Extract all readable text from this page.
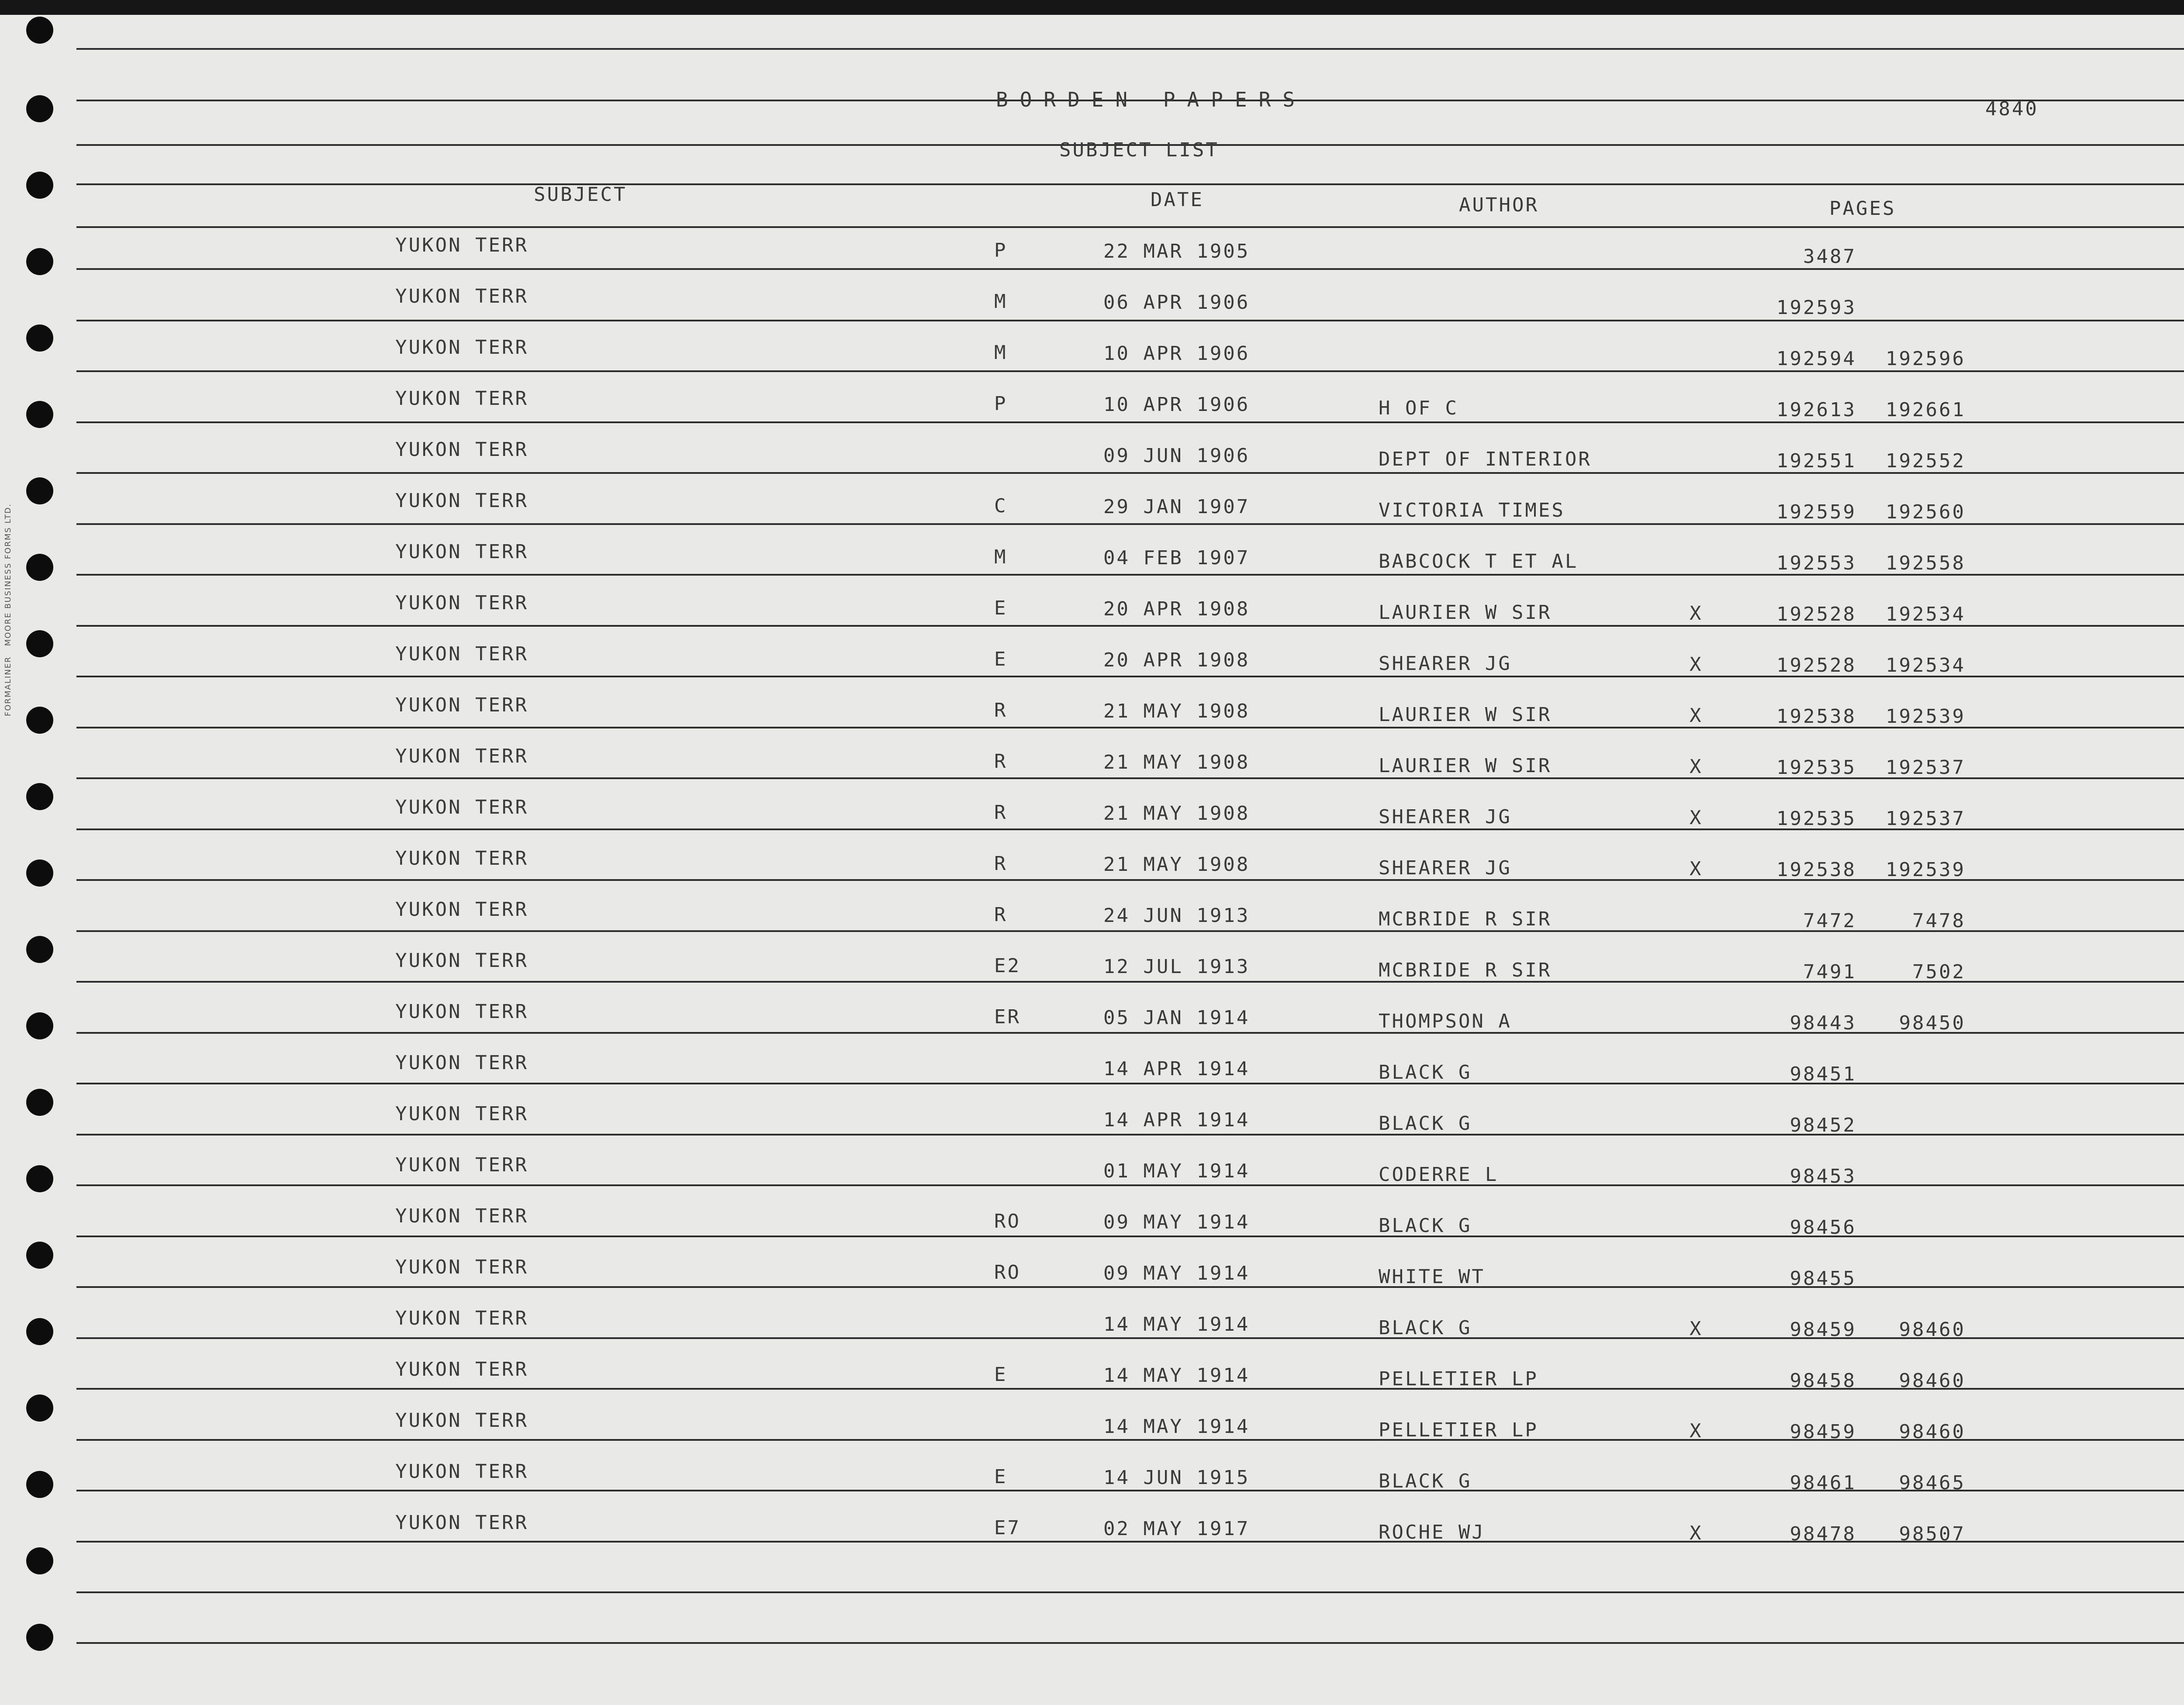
FORMALINER   MOORE BUSINESS FORMS LTD.
BORDEN PAPERS	4840
SUBJECT LIST
SUBJECT	DATE	AUTHOR	PAGES
YUKON TERR	P	22 MAR 1905	3487
YUKON TERR	M	06 APR 1906	192593
YUKON TERR	M	10 APR 1906	192594	192596
YUKON TERR	P	10 APR 1906	H OF C	192613	192661
YUKON TERR	09 JUN 1906	DEPT OF INTERIOR	192551	192552
YUKON TERR	C	29 JAN 1907	VICTORIA TIMES	192559	192560
YUKON TERR	M	04 FEB 1907	BABCOCK T ET AL	192553	192558
YUKON TERR	E	20 APR 1908	LAURIER W SIR	X	192528	192534
YUKON TERR	E	20 APR 1908	SHEARER JG	X	192528	192534
YUKON TERR	R	21 MAY 1908	LAURIER W SIR	X	192538	192539
YUKON TERR	R	21 MAY 1908	LAURIER W SIR	X	192535	192537
YUKON TERR	R	21 MAY 1908	SHEARER JG	X	192535	192537
YUKON TERR	R	21 MAY 1908	SHEARER JG	X	192538	192539
YUKON TERR	R	24 JUN 1913	MCBRIDE R SIR	7472	7478
YUKON TERR	E2	12 JUL 1913	MCBRIDE R SIR	7491	7502
YUKON TERR	ER	05 JAN 1914	THOMPSON A	98443	98450
YUKON TERR	14 APR 1914	BLACK G	98451
YUKON TERR	14 APR 1914	BLACK G	98452
YUKON TERR	01 MAY 1914	CODERRE L	98453
YUKON TERR	RO	09 MAY 1914	BLACK G	98456
YUKON TERR	RO	09 MAY 1914	WHITE WT	98455
YUKON TERR	14 MAY 1914	BLACK G	X	98459	98460
YUKON TERR	E	14 MAY 1914	PELLETIER LP	98458	98460
YUKON TERR	14 MAY 1914	PELLETIER LP	X	98459	98460
YUKON TERR	E	14 JUN 1915	BLACK G	98461	98465
YUKON TERR	E7	02 MAY 1917	ROCHE WJ	X	98478	98507
